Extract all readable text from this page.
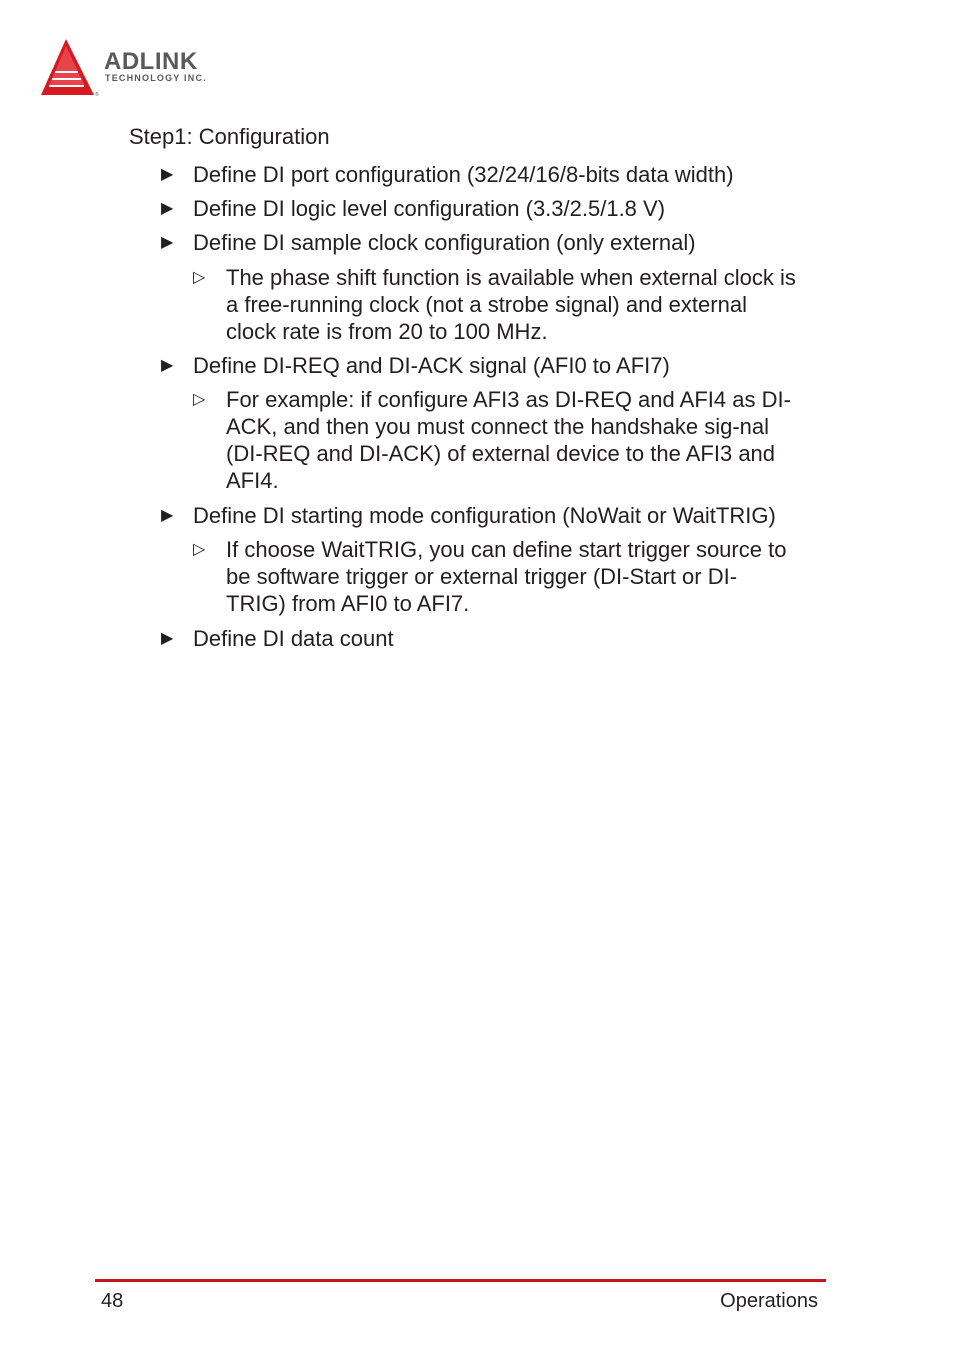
®
ADLINK
TECHNOLOGY INC.
Step1: Configuration
▶ Define DI port configuration (32/24/16/8-bits data width)
▶ Define DI logic level configuration (3.3/2.5/1.8 V)
▶ Define DI sample clock configuration (only external)
▷ The phase shift function is available when external clock is a free-running clock (not a strobe signal) and external clock rate is from 20 to 100 MHz.
▶ Define DI-REQ and DI-ACK signal (AFI0 to AFI7)
▷ For example: if configure AFI3 as DI-REQ and AFI4 as DI-ACK, and then you must connect the handshake sig-nal (DI-REQ and DI-ACK) of external device to the AFI3 and AFI4.
▶ Define DI starting mode configuration (NoWait or WaitTRIG)
▷ If choose WaitTRIG, you can define start trigger source to be software trigger or external trigger (DI-Start or DI-TRIG) from AFI0 to AFI7.
▶ Define DI data count
48	Operations
